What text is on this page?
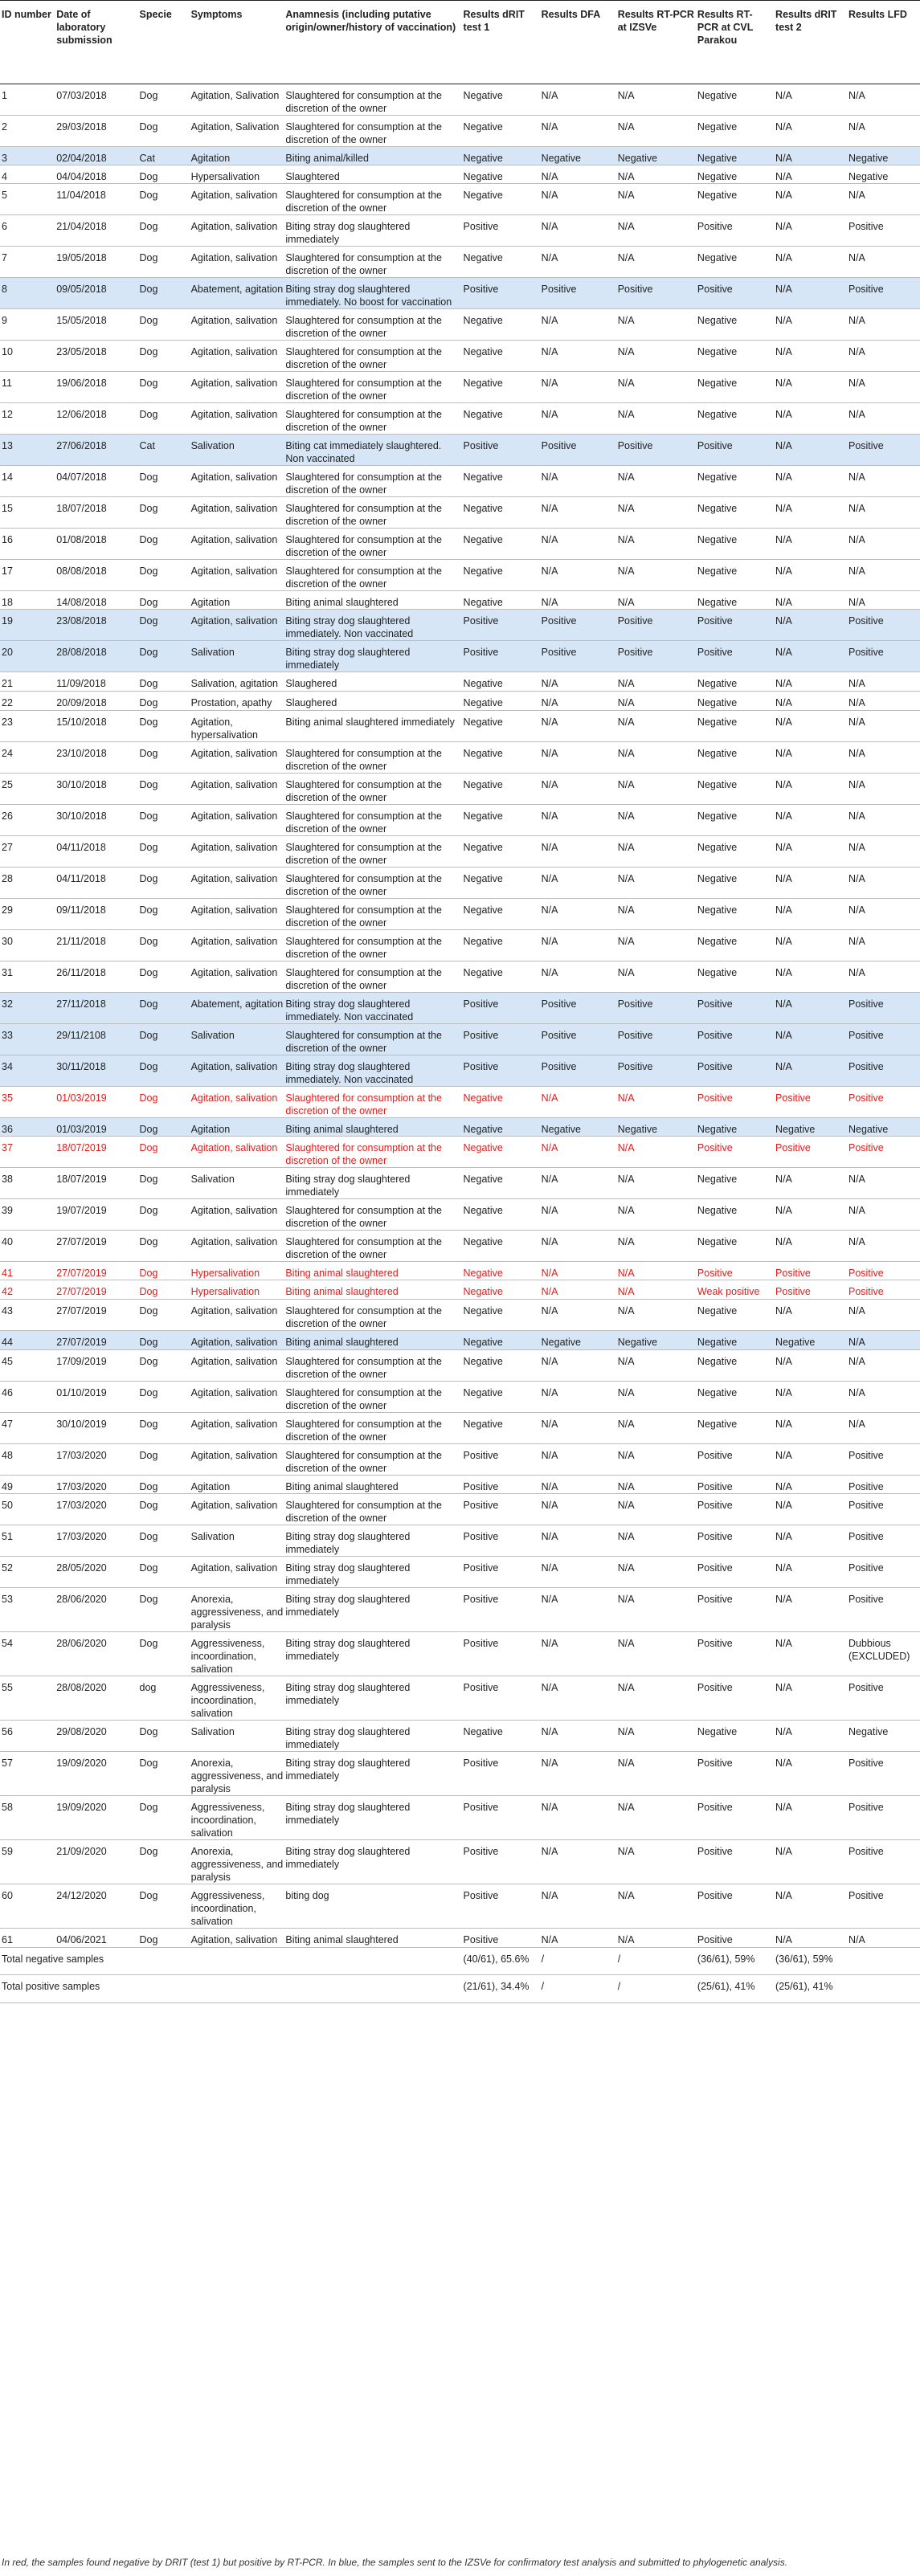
ID number	Date of laboratory submission	Specie	Symptoms	Anamnesis (including putative origin/owner/history of vaccination)	Results dRIT test 1	Results DFA	Results RT-PCR at IZSVe	Results RT-PCR at CVL Parakou	Results dRIT test 2	Results LFD
1	07/03/2018	Dog	Agitation, Salivation	Slaughtered for consumption at the discretion of the owner	Negative	N/A	N/A	Negative	N/A	N/A
2	29/03/2018	Dog	Agitation, Salivation	Slaughtered for consumption at the discretion of the owner	Negative	N/A	N/A	Negative	N/A	N/A
3	02/04/2018	Cat	Agitation	Biting animal/killed	Negative	Negative	Negative	Negative	N/A	Negative
4	04/04/2018	Dog	Hypersalivation	Slaughtered	Negative	N/A	N/A	Negative	N/A	Negative
5	11/04/2018	Dog	Agitation, salivation	Slaughtered for consumption at the discretion of the owner	Negative	N/A	N/A	Negative	N/A	N/A
6	21/04/2018	Dog	Agitation, salivation	Biting stray dog slaughtered immediately	Positive	N/A	N/A	Positive	N/A	Positive
7	19/05/2018	Dog	Agitation, salivation	Slaughtered for consumption at the discretion of the owner	Negative	N/A	N/A	Negative	N/A	N/A
8	09/05/2018	Dog	Abatement, agitation	Biting stray dog slaughtered immediately. No boost for vaccination	Positive	Positive	Positive	Positive	N/A	Positive
9	15/05/2018	Dog	Agitation, salivation	Slaughtered for consumption at the discretion of the owner	Negative	N/A	N/A	Negative	N/A	N/A
10	23/05/2018	Dog	Agitation, salivation	Slaughtered for consumption at the discretion of the owner	Negative	N/A	N/A	Negative	N/A	N/A
11	19/06/2018	Dog	Agitation, salivation	Slaughtered for consumption at the discretion of the owner	Negative	N/A	N/A	Negative	N/A	N/A
12	12/06/2018	Dog	Agitation, salivation	Slaughtered for consumption at the discretion of the owner	Negative	N/A	N/A	Negative	N/A	N/A
13	27/06/2018	Cat	Salivation	Biting cat immediately slaughtered. Non vaccinated	Positive	Positive	Positive	Positive	N/A	Positive
14	04/07/2018	Dog	Agitation, salivation	Slaughtered for consumption at the discretion of the owner	Negative	N/A	N/A	Negative	N/A	N/A
15	18/07/2018	Dog	Agitation, salivation	Slaughtered for consumption at the discretion of the owner	Negative	N/A	N/A	Negative	N/A	N/A
16	01/08/2018	Dog	Agitation, salivation	Slaughtered for consumption at the discretion of the owner	Negative	N/A	N/A	Negative	N/A	N/A
17	08/08/2018	Dog	Agitation, salivation	Slaughtered for consumption at the discretion of the owner	Negative	N/A	N/A	Negative	N/A	N/A
18	14/08/2018	Dog	Agitation	Biting animal slaughtered	Negative	N/A	N/A	Negative	N/A	N/A
19	23/08/2018	Dog	Agitation, salivation	Biting stray dog slaughtered immediately. Non vaccinated	Positive	Positive	Positive	Positive	N/A	Positive
20	28/08/2018	Dog	Salivation	Biting stray dog slaughtered immediately	Positive	Positive	Positive	Positive	N/A	Positive
21	11/09/2018	Dog	Salivation, agitation	Slaughered	Negative	N/A	N/A	Negative	N/A	N/A
22	20/09/2018	Dog	Prostation, apathy	Slaughered	Negative	N/A	N/A	Negative	N/A	N/A
23	15/10/2018	Dog	Agitation, hypersalivation	Biting animal slaughtered immediately	Negative	N/A	N/A	Negative	N/A	N/A
24	23/10/2018	Dog	Agitation, salivation	Slaughtered for consumption at the discretion of the owner	Negative	N/A	N/A	Negative	N/A	N/A
25	30/10/2018	Dog	Agitation, salivation	Slaughtered for consumption at the discretion of the owner	Negative	N/A	N/A	Negative	N/A	N/A
26	30/10/2018	Dog	Agitation, salivation	Slaughtered for consumption at the discretion of the owner	Negative	N/A	N/A	Negative	N/A	N/A
27	04/11/2018	Dog	Agitation, salivation	Slaughtered for consumption at the discretion of the owner	Negative	N/A	N/A	Negative	N/A	N/A
28	04/11/2018	Dog	Agitation, salivation	Slaughtered for consumption at the discretion of the owner	Negative	N/A	N/A	Negative	N/A	N/A
29	09/11/2018	Dog	Agitation, salivation	Slaughtered for consumption at the discretion of the owner	Negative	N/A	N/A	Negative	N/A	N/A
30	21/11/2018	Dog	Agitation, salivation	Slaughtered for consumption at the discretion of the owner	Negative	N/A	N/A	Negative	N/A	N/A
31	26/11/2018	Dog	Agitation, salivation	Slaughtered for consumption at the discretion of the owner	Negative	N/A	N/A	Negative	N/A	N/A
32	27/11/2018	Dog	Abatement, agitation	Biting stray dog slaughtered immediately. Non vaccinated	Positive	Positive	Positive	Positive	N/A	Positive
33	29/11/2108	Dog	Salivation	Slaughtered for consumption at the discretion of the owner	Positive	Positive	Positive	Positive	N/A	Positive
34	30/11/2018	Dog	Agitation, salivation	Biting stray dog slaughtered immediately. Non vaccinated	Positive	Positive	Positive	Positive	N/A	Positive
35	01/03/2019	Dog	Agitation, salivation	Slaughtered for consumption at the discretion of the owner	Negative	N/A	N/A	Positive	Positive	Positive
36	01/03/2019	Dog	Agitation	Biting animal slaughtered	Negative	Negative	Negative	Negative	Negative	Negative
37	18/07/2019	Dog	Agitation, salivation	Slaughtered for consumption at the discretion of the owner	Negative	N/A	N/A	Positive	Positive	Positive
38	18/07/2019	Dog	Salivation	Biting stray dog slaughtered immediately	Negative	N/A	N/A	Negative	N/A	N/A
39	19/07/2019	Dog	Agitation, salivation	Slaughtered for consumption at the discretion of the owner	Negative	N/A	N/A	Negative	N/A	N/A
40	27/07/2019	Dog	Agitation, salivation	Slaughtered for consumption at the discretion of the owner	Negative	N/A	N/A	Negative	N/A	N/A
41	27/07/2019	Dog	Hypersalivation	Biting animal slaughtered	Negative	N/A	N/A	Positive	Positive	Positive
42	27/07/2019	Dog	Hypersalivation	Biting animal slaughtered	Negative	N/A	N/A	Weak positive	Positive	Positive
43	27/07/2019	Dog	Agitation, salivation	Slaughtered for consumption at the discretion of the owner	Negative	N/A	N/A	Negative	N/A	N/A
44	27/07/2019	Dog	Agitation, salivation	Biting animal slaughtered	Negative	Negative	Negative	Negative	Negative	N/A
45	17/09/2019	Dog	Agitation, salivation	Slaughtered for consumption at the discretion of the owner	Negative	N/A	N/A	Negative	N/A	N/A
46	01/10/2019	Dog	Agitation, salivation	Slaughtered for consumption at the discretion of the owner	Negative	N/A	N/A	Negative	N/A	N/A
47	30/10/2019	Dog	Agitation, salivation	Slaughtered for consumption at the discretion of the owner	Negative	N/A	N/A	Negative	N/A	N/A
48	17/03/2020	Dog	Agitation, salivation	Slaughtered for consumption at the discretion of the owner	Positive	N/A	N/A	Positive	N/A	Positive
49	17/03/2020	Dog	Agitation	Biting animal slaughtered	Positive	N/A	N/A	Positive	N/A	Positive
50	17/03/2020	Dog	Agitation, salivation	Slaughtered for consumption at the discretion of the owner	Positive	N/A	N/A	Positive	N/A	Positive
51	17/03/2020	Dog	Salivation	Biting stray dog slaughtered immediately	Positive	N/A	N/A	Positive	N/A	Positive
52	28/05/2020	Dog	Agitation, salivation	Biting stray dog slaughtered immediately	Positive	N/A	N/A	Positive	N/A	Positive
53	28/06/2020	Dog	Anorexia, aggressiveness, and paralysis	Biting stray dog slaughtered immediately	Positive	N/A	N/A	Positive	N/A	Positive
54	28/06/2020	Dog	Aggressiveness, incoordination, salivation	Biting stray dog slaughtered immediately	Positive	N/A	N/A	Positive	N/A	Dubbious (EXCLUDED)
55	28/08/2020	dog	Aggressiveness, incoordination, salivation	Biting stray dog slaughtered immediately	Positive	N/A	N/A	Positive	N/A	Positive
56	29/08/2020	Dog	Salivation	Biting stray dog slaughtered immediately	Negative	N/A	N/A	Negative	N/A	Negative
57	19/09/2020	Dog	Anorexia, aggressiveness, and paralysis	Biting stray dog slaughtered immediately	Positive	N/A	N/A	Positive	N/A	Positive
58	19/09/2020	Dog	Aggressiveness, incoordination, salivation	Biting stray dog slaughtered immediately	Positive	N/A	N/A	Positive	N/A	Positive
59	21/09/2020	Dog	Anorexia, aggressiveness, and paralysis	Biting stray dog slaughtered immediately	Positive	N/A	N/A	Positive	N/A	Positive
60	24/12/2020	Dog	Aggressiveness, incoordination, salivation	biting dog	Positive	N/A	N/A	Positive	N/A	Positive
61	04/06/2021	Dog	Agitation, salivation	Biting animal slaughtered	Positive	N/A	N/A	Positive	N/A	N/A
Total negative samples					(40/61), 65.6%	/	/	(36/61), 59%	(36/61), 59%	
Total positive samples					(21/61), 34.4%	/	/	(25/61), 41%	(25/61), 41%	
In red, the samples found negative by DRIT (test 1) but positive by RT-PCR. In blue, the samples sent to the IZSVe for confirmatory test analysis and submitted to phylogenetic analysis.
